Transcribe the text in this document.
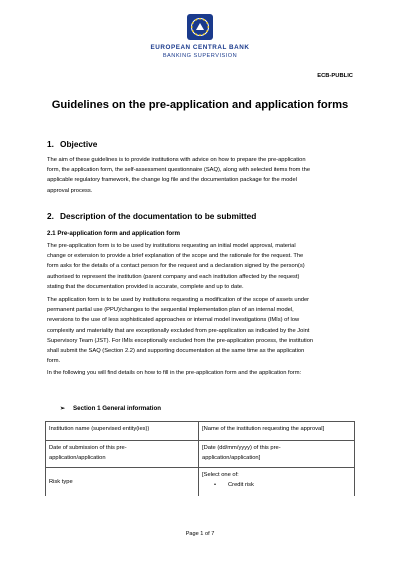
EUROPEAN CENTRAL BANK
BANKING SUPERVISION
ECB-PUBLIC
Guidelines on the pre-application and application forms
1. Objective
The aim of these guidelines is to provide institutions with advice on how to prepare the pre-application
form, the application form, the self-assessment questionnaire (SAQ), along with selected items from the
applicable regulatory framework, the change log file and the documentation package for the model
approval process.
2. Description of the documentation to be submitted
2.1 Pre-application form and application form
The pre-application form is to be used by institutions requesting an initial model approval, material
change or extension to provide a brief explanation of the scope and the rationale for the request. The
form asks for the details of a contact person for the request and a declaration signed by the person(s)
authorised to represent the institution (parent company and each institution affected by the request)
stating that the documentation provided is accurate, complete and up to date.
The application form is to be used by institutions requesting a modification of the scope of assets under
permanent partial use (PPU)/changes to the sequential implementation plan of an internal model,
reversions to the use of less sophisticated approaches or internal model investigations (IMIs) of low
complexity and materiality that are exceptionally excluded from pre-application as indicated by the Joint
Supervisory Team (JST). For IMIs exceptionally excluded from the pre-application process, the institution
shall submit the SAQ (Section 2.2) and supporting documentation at the same time as the application
form.
In the following you will find details on how to fill in the pre-application form and the application form:
➢ Section 1 General information
Institution name (supervised entity(ies))	[Name of the institution requesting the approval]
Date of submission of this pre-
application/application
[Date (dd/mm/yyyy) of this pre-
application/application]
Risk type
[Select one of:
• Credit risk
Page 1 of 7
